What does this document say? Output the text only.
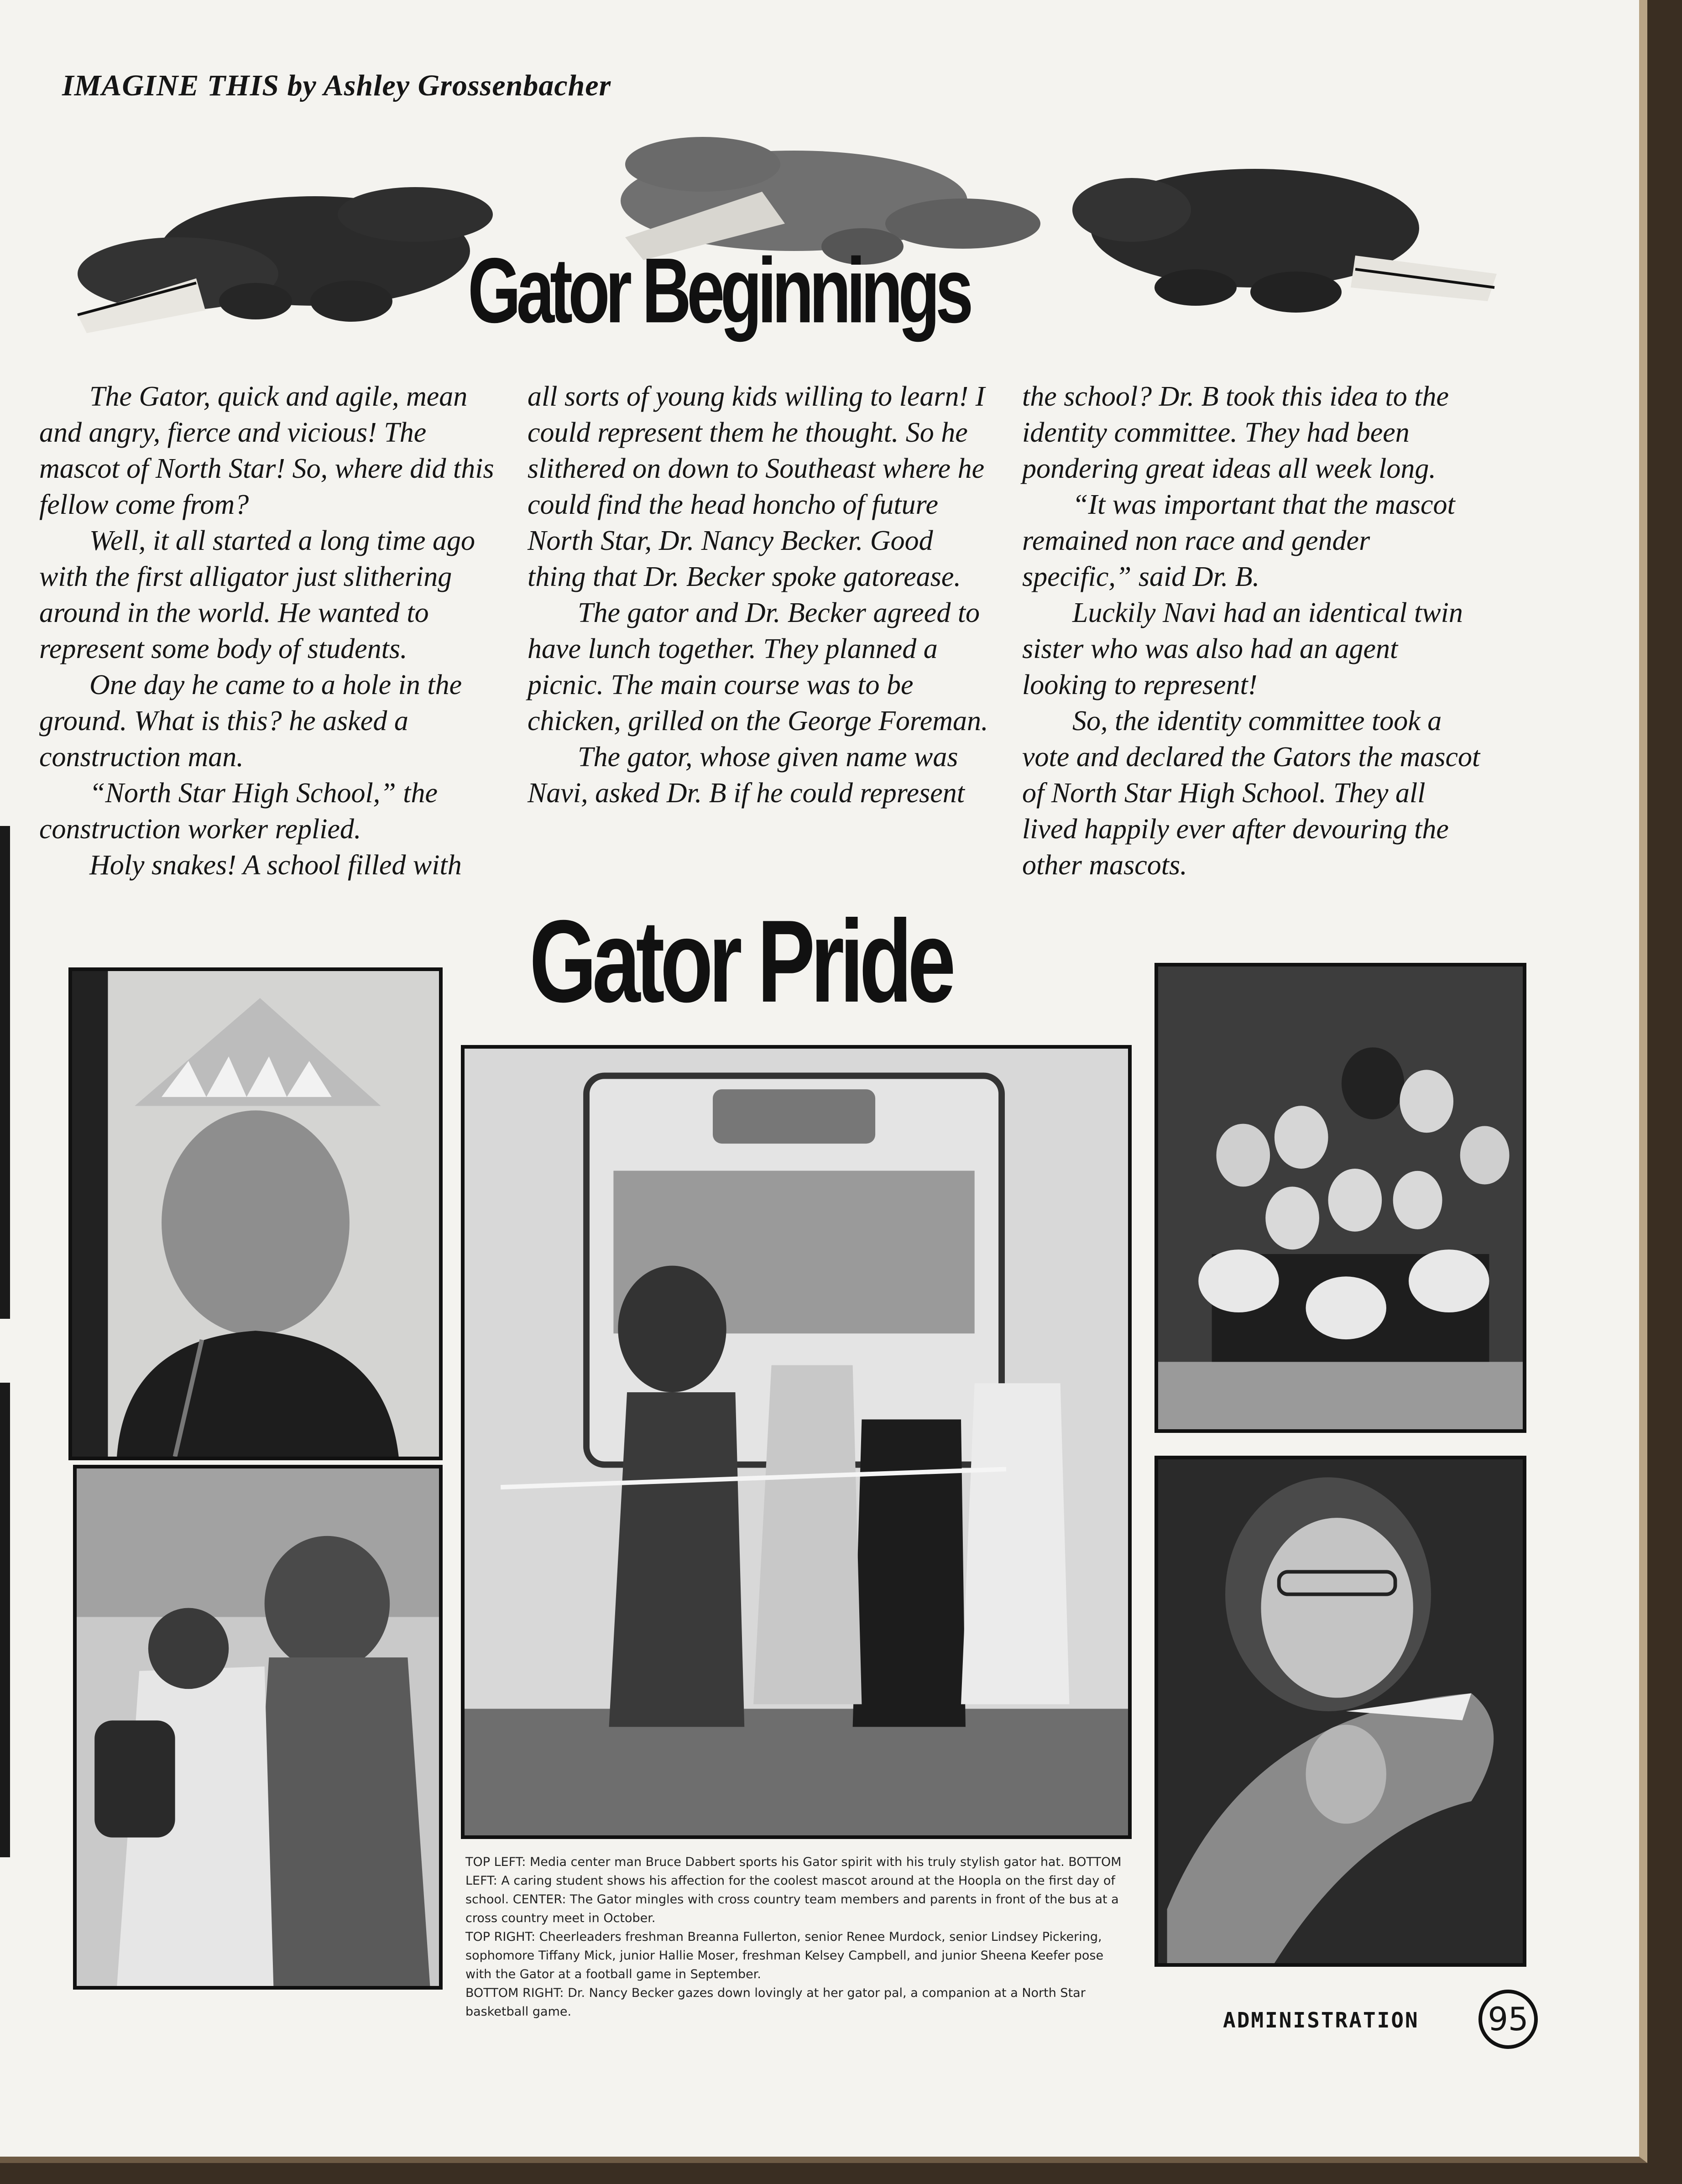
IMAGINE THIS by Ashley Grossenbacher
Gator Beginnings

The Gator, quick and agile, mean and angry, fierce and vicious! The mascot of North Star! So, where did this fellow come from?

Well, it all started a long time ago with the first alligator just slithering around in the world. He wanted to represent some body of students.

One day he came to a hole in the ground. What is this? he asked a construction man.

“North Star High School,” the construction worker replied.

Holy snakes! A school filled with

all sorts of young kids willing to learn! I could represent them he thought. So he slithered on down to Southeast where he could find the head honcho of future North Star, Dr. Nancy Becker. Good thing that Dr. Becker spoke gatorease.

The gator and Dr. Becker agreed to have lunch together. They planned a picnic. The main course was to be chicken, grilled on the George Foreman.

The gator, whose given name was Navi, asked Dr. B if he could represent

the school? Dr. B took this idea to the identity committee. They had been pondering great ideas all week long.

“It was important that the mascot remained non race and gender specific,” said Dr. B.

Luckily Navi had an identical twin sister who was also had an agent looking to represent!

So, the identity committee took a vote and declared the Gators the mascot of North Star High School. They all lived happily ever after devouring the other mascots.

Gator Pride

TOP LEFT: Media center man Bruce Dabbert sports his Gator spirit with his truly stylish gator hat. BOTTOM LEFT: A caring student shows his affection for the coolest mascot around at the Hoopla on the first day of school. CENTER: The Gator mingles with cross country team members and parents in front of the bus at a cross country meet in October.

TOP RIGHT: Cheerleaders freshman Breanna Fullerton, senior Renee Murdock, senior Lindsey Pickering, sophomore Tiffany Mick, junior Hallie Moser, freshman Kelsey Campbell, and junior Sheena Keefer pose with the Gator at a football game in September.

BOTTOM RIGHT: Dr. Nancy Becker gazes down lovingly at her gator pal, a companion at a North Star basketball game.	ADMINISTRATION 95
